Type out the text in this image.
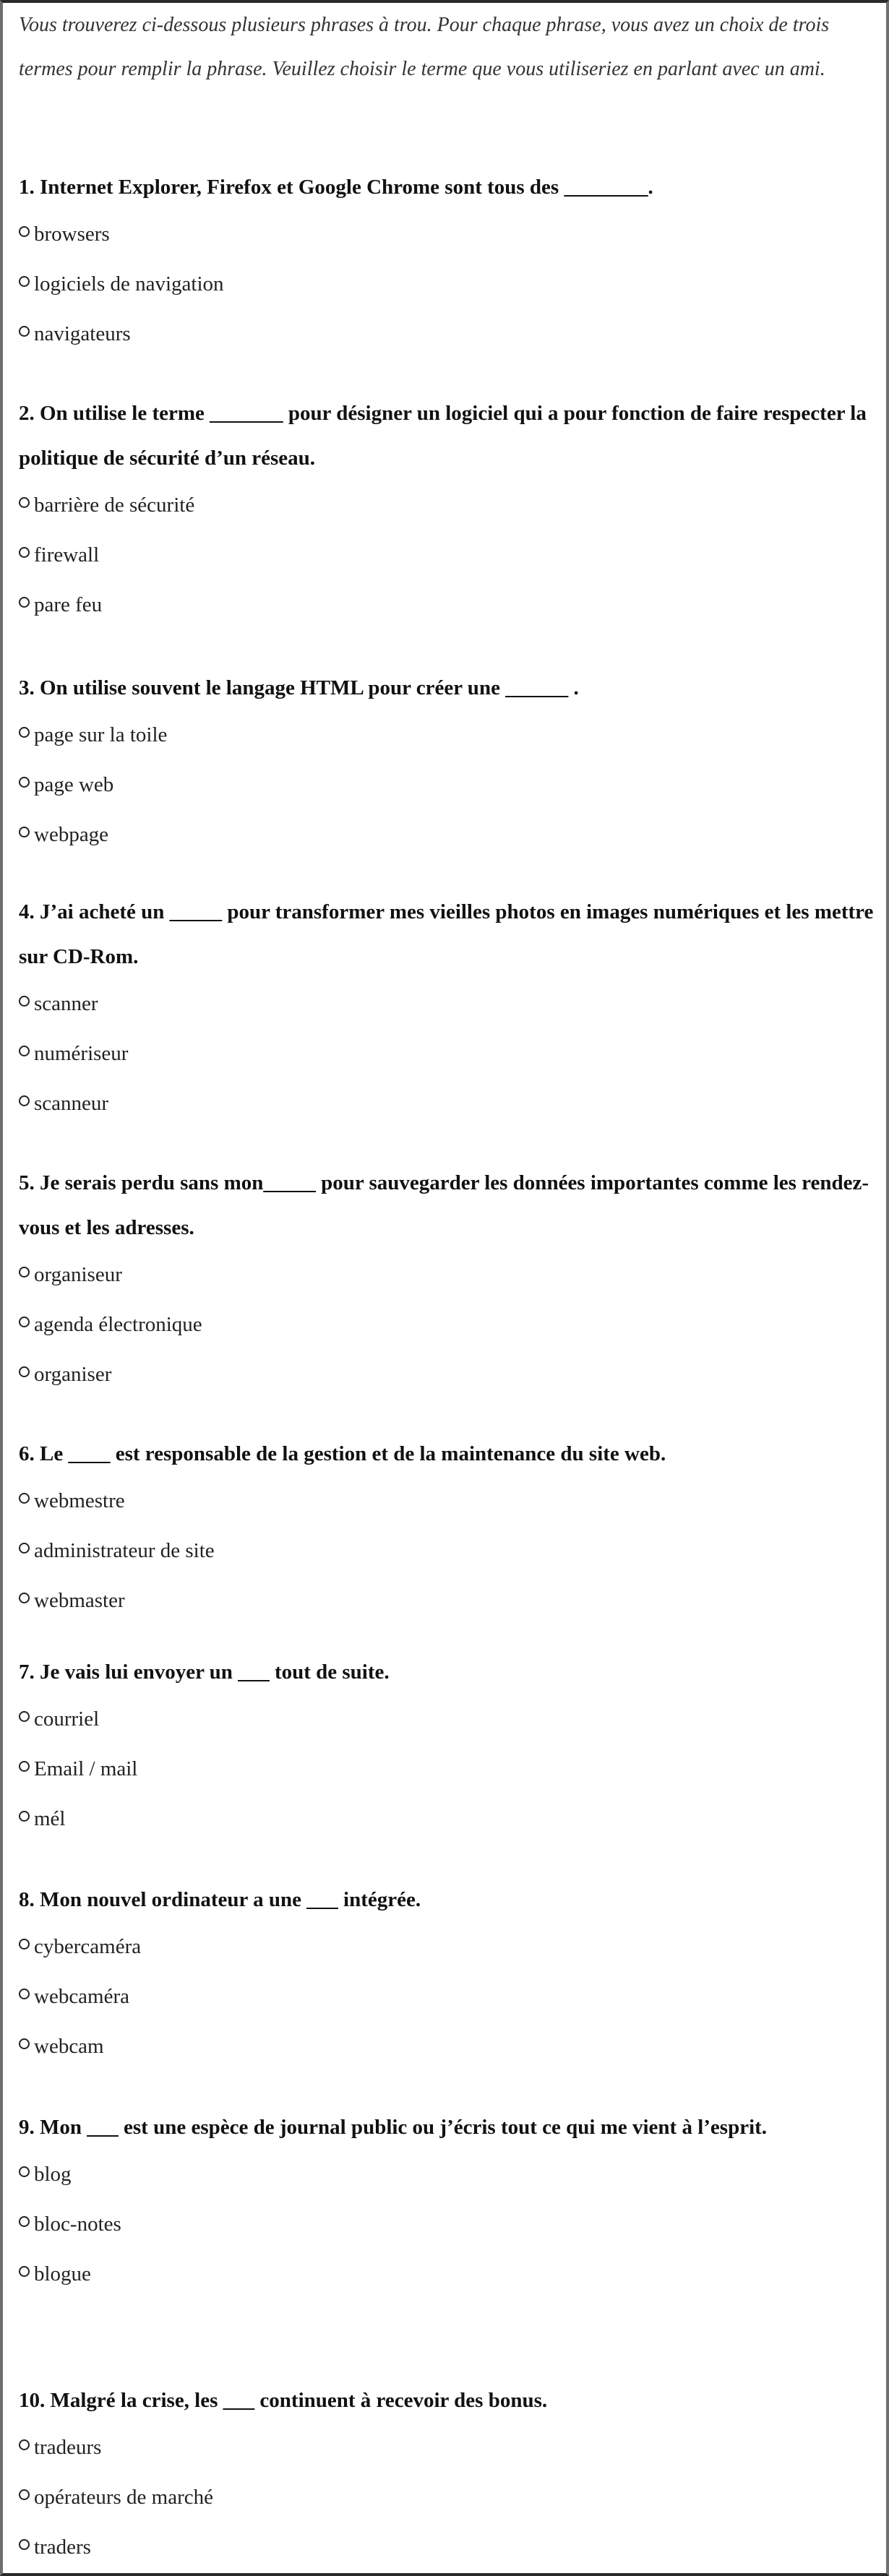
Vous trouverez ci-dessous plusieurs phrases à trou. Pour chaque phrase, vous avez un choix de trois termes pour remplir la phrase. Veuillez choisir le terme que vous utiliseriez en parlant avec un ami.

1. Internet Explorer, Firefox et Google Chrome sont tous des ________.

browsers
logiciels de navigation
navigateurs

2. On utilise le terme _______ pour désigner un logiciel qui a pour fonction de faire respecter la politique de sécurité d’un réseau.

barrière de sécurité
firewall
pare feu

3. On utilise souvent le langage HTML pour créer une ______ .

page sur la toile
page web
webpage

4. J’ai acheté un _____ pour transformer mes vieilles photos en images numériques et les mettre sur CD-Rom.

scanner
numériseur
scanneur

5. Je serais perdu sans mon_____ pour sauvegarder les données importantes comme les rendez-vous et les adresses.

organiseur
agenda électronique
organiser

6. Le ____ est responsable de la gestion et de la maintenance du site web.

webmestre
administrateur de site
webmaster

7. Je vais lui envoyer un ___ tout de suite.

courriel
Email / mail
mél

8. Mon nouvel ordinateur a une ___ intégrée.

cybercaméra
webcaméra
webcam

9. Mon ___ est une espèce de journal public ou j’écris tout ce qui me vient à l’esprit.

blog
bloc-notes
blogue

10. Malgré la crise, les ___ continuent à recevoir des bonus.

tradeurs
opérateurs de marché
traders
